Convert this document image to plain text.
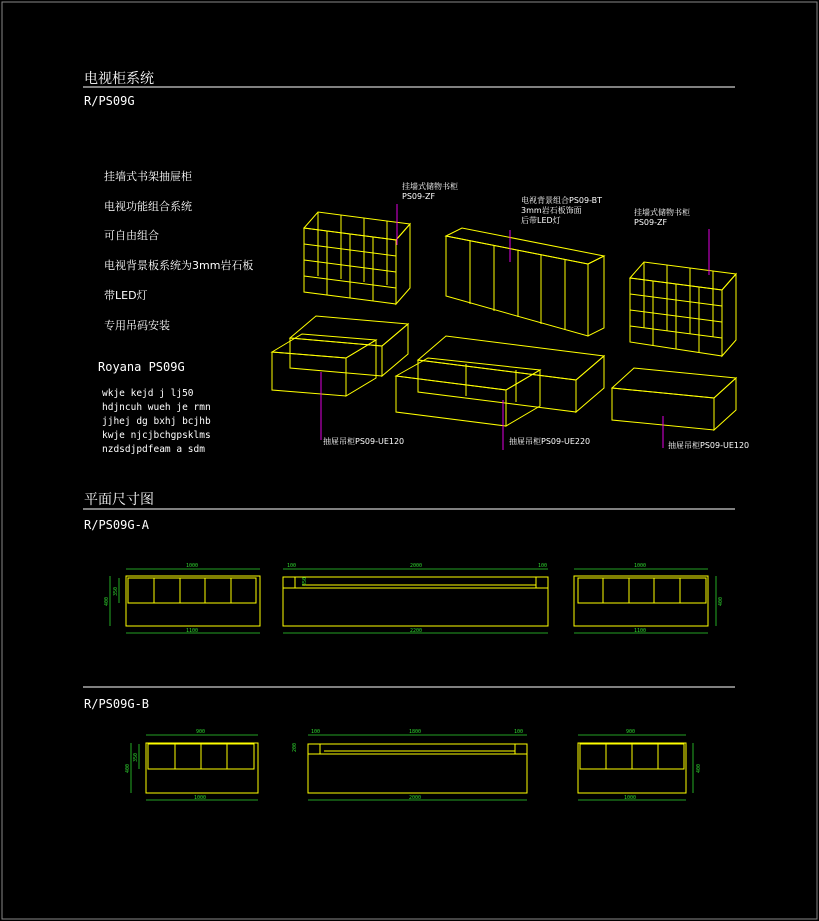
电视柜系统
R/PS09G
挂墙式书架抽屉柜
电视功能组合系统
可自由组合
电视背景板系统为3mm岩石板
带LED灯
专用吊码安装
Royana PS09G
wkje kejd j lj50
hdjncuh wueh je rmn
jjhej dg bxhj bcjhb
kwje njcjbchgpsklms
nzdsdjpdfeam a sdm
挂墙式储物书柜
PS09-ZF	电视背景组合PS09-BT
3mm岩石板饰面
后带LED灯
挂墙式储物书柜
PS09-ZF
抽屉吊柜PS09-UE120	抽屉吊柜PS09-UE220	抽屉吊柜PS09-UE120
平面尺寸图
R/PS09G-A
R/PS09G-B
1000
1100
400
350
100	2000	100
2200
350
1000
1100
400
900
1000
400
350
100	1800	100
2000
200
900
1000
400
